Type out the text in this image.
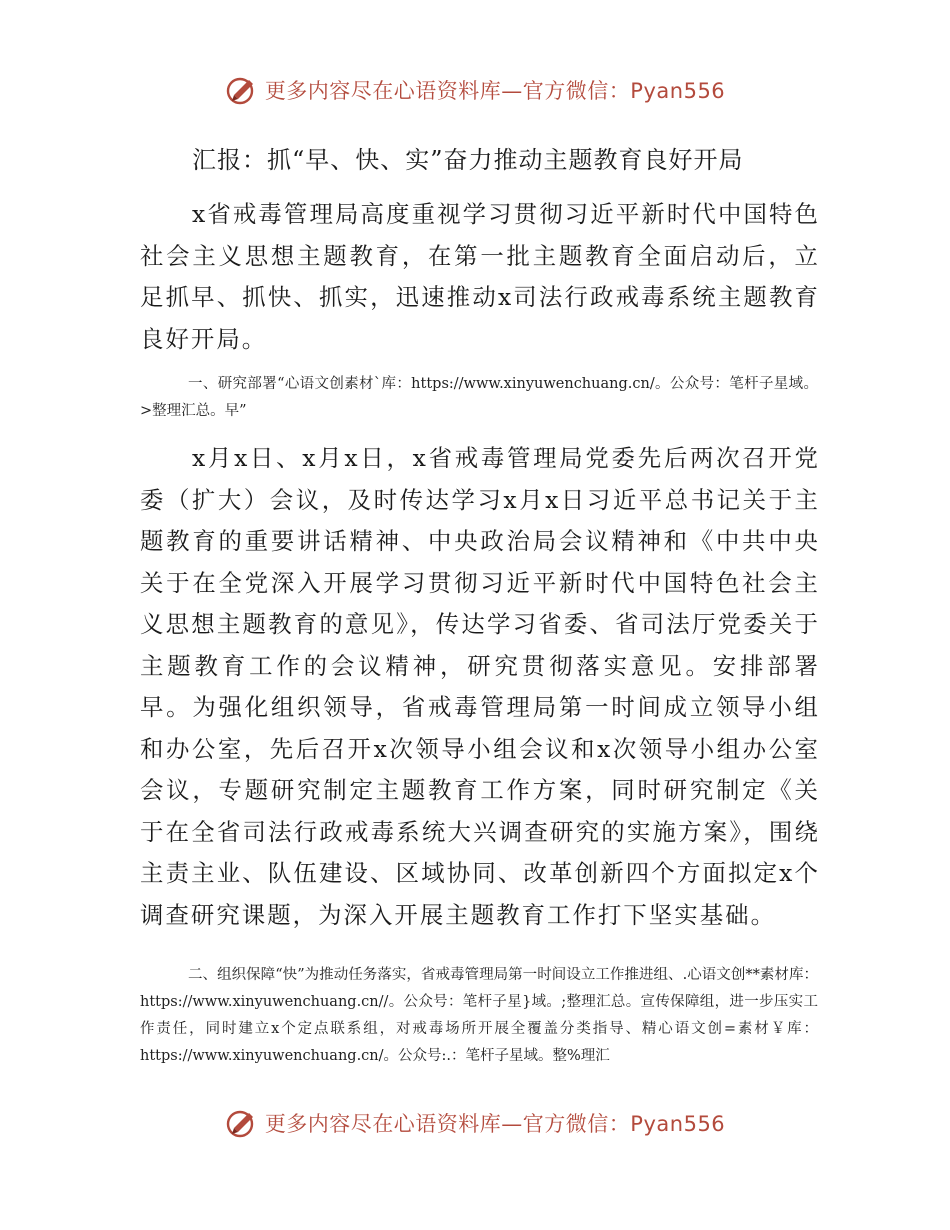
更多内容尽在心语资料库—官方微信：Pyan556
汇报：抓“早、快、实”奋力推动主题教育良好开局

x省戒毒管理局高度重视学习贯彻习近平新时代中国特色社会主义思想主题教育，在第一批主题教育全面启动后，立足抓早、抓快、抓实，迅速推动x司法行政戒毒系统主题教育良好开局。

一、研究部署“心语文创素材`库：https://www.xinyuwenchuang.cn/。公众号：笔杆子星域。>整理汇总。早”

x月x日、x月x日，x省戒毒管理局党委先后两次召开党委（扩大）会议，及时传达学习x月x日习近平总书记关于主题教育的重要讲话精神、中央政治局会议精神和《中共中央关于在全党深入开展学习贯彻习近平新时代中国特色社会主义思想主题教育的意见》，传达学习省委、省司法厅党委关于主题教育工作的会议精神，研究贯彻落实意见。安排部署早。为强化组织领导，省戒毒管理局第一时间成立领导小组和办公室，先后召开x次领导小组会议和x次领导小组办公室会议，专题研究制定主题教育工作方案，同时研究制定《关于在全省司法行政戒毒系统大兴调查研究的实施方案》，围绕主责主业、队伍建设、区域协同、改革创新四个方面拟定x个调查研究课题，为深入开展主题教育工作打下坚实基础。

二、组织保障“快”为推动任务落实，省戒毒管理局第一时间设立工作推进组、.心语文创**素材库：https://www.xinyuwenchuang.cn//。公众号：笔杆子星}域。;整理汇总。宣传保障组，进一步压实工作责任，同时建立x个定点联系组，对戒毒场所开展全覆盖分类指导、精心语文创=素材￥库：https://www.xinyuwenchuang.cn/。公众号:.：笔杆子星域。整%理汇

更多内容尽在心语资料库—官方微信：Pyan556
